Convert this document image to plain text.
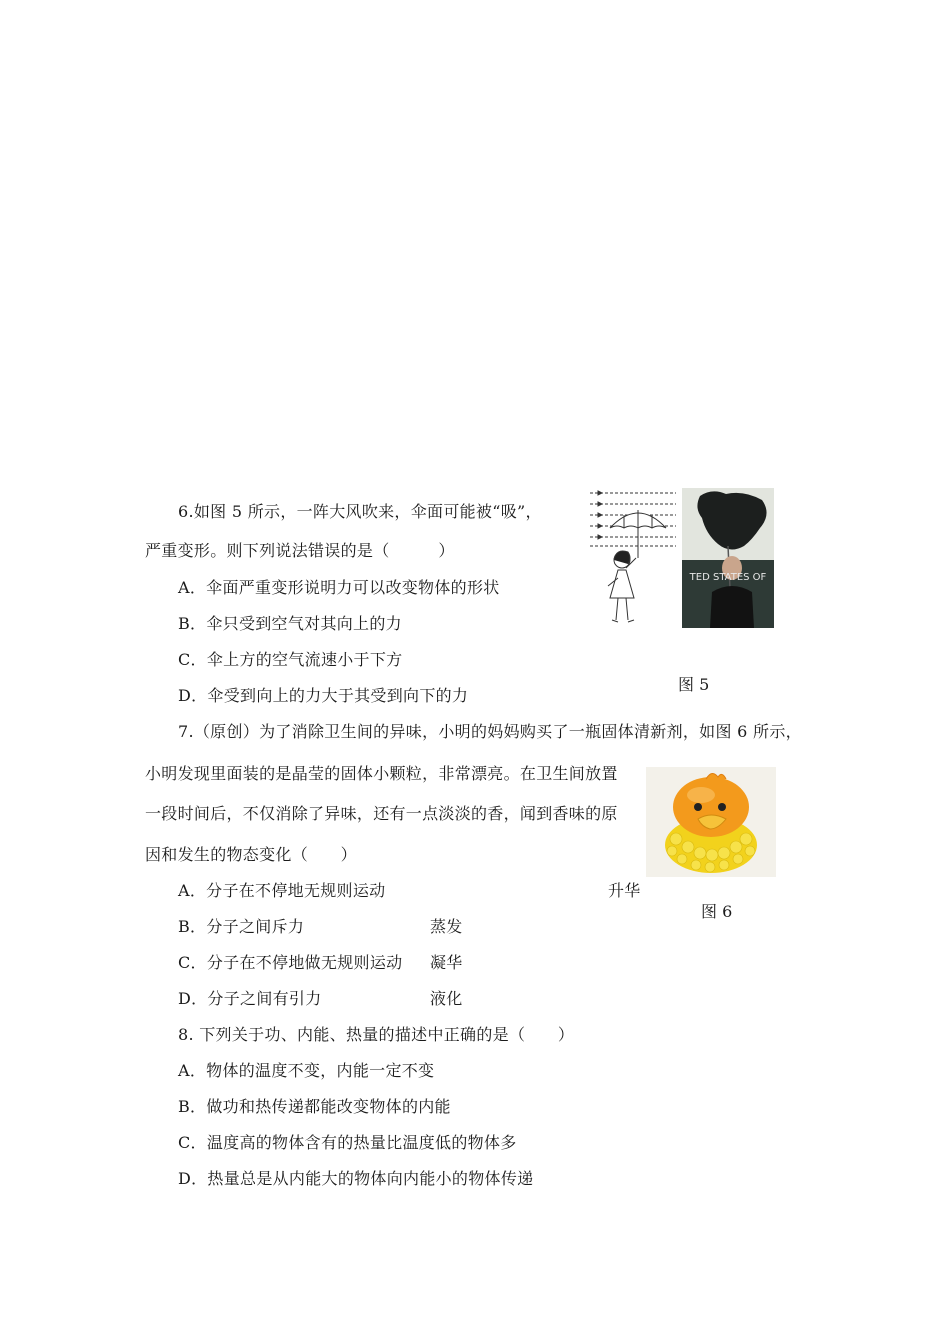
6.如图 5 所示，一阵大风吹来，伞面可能被“吸”，
严重变形。则下列说法错误的是（　　　）
A．伞面严重变形说明力可以改变物体的形状
B．伞只受到空气对其向上的力
C．伞上方的空气流速小于下方
D．伞受到向上的力大于其受到向下的力
TED STATES OF
图 5
7.（原创）为了消除卫生间的异味，小明的妈妈购买了一瓶固体清新剂，如图 6 所示，
小明发现里面装的是晶莹的固体小颗粒，非常漂亮。在卫生间放置
一段时间后，不仅消除了异味，还有一点淡淡的香，闻到香味的原
因和发生的物态变化（　　）
A．分子在不停地无规则运动	升华
B．分子之间斥力	蒸发
C．分子在不停地做无规则运动 凝华
D．分子之间有引力	液化
图 6
8. 下列关于功、内能、热量的描述中正确的是（　　）
A．物体的温度不变，内能一定不变
B．做功和热传递都能改变物体的内能
C．温度高的物体含有的热量比温度低的物体多
D．热量总是从内能大的物体向内能小的物体传递
